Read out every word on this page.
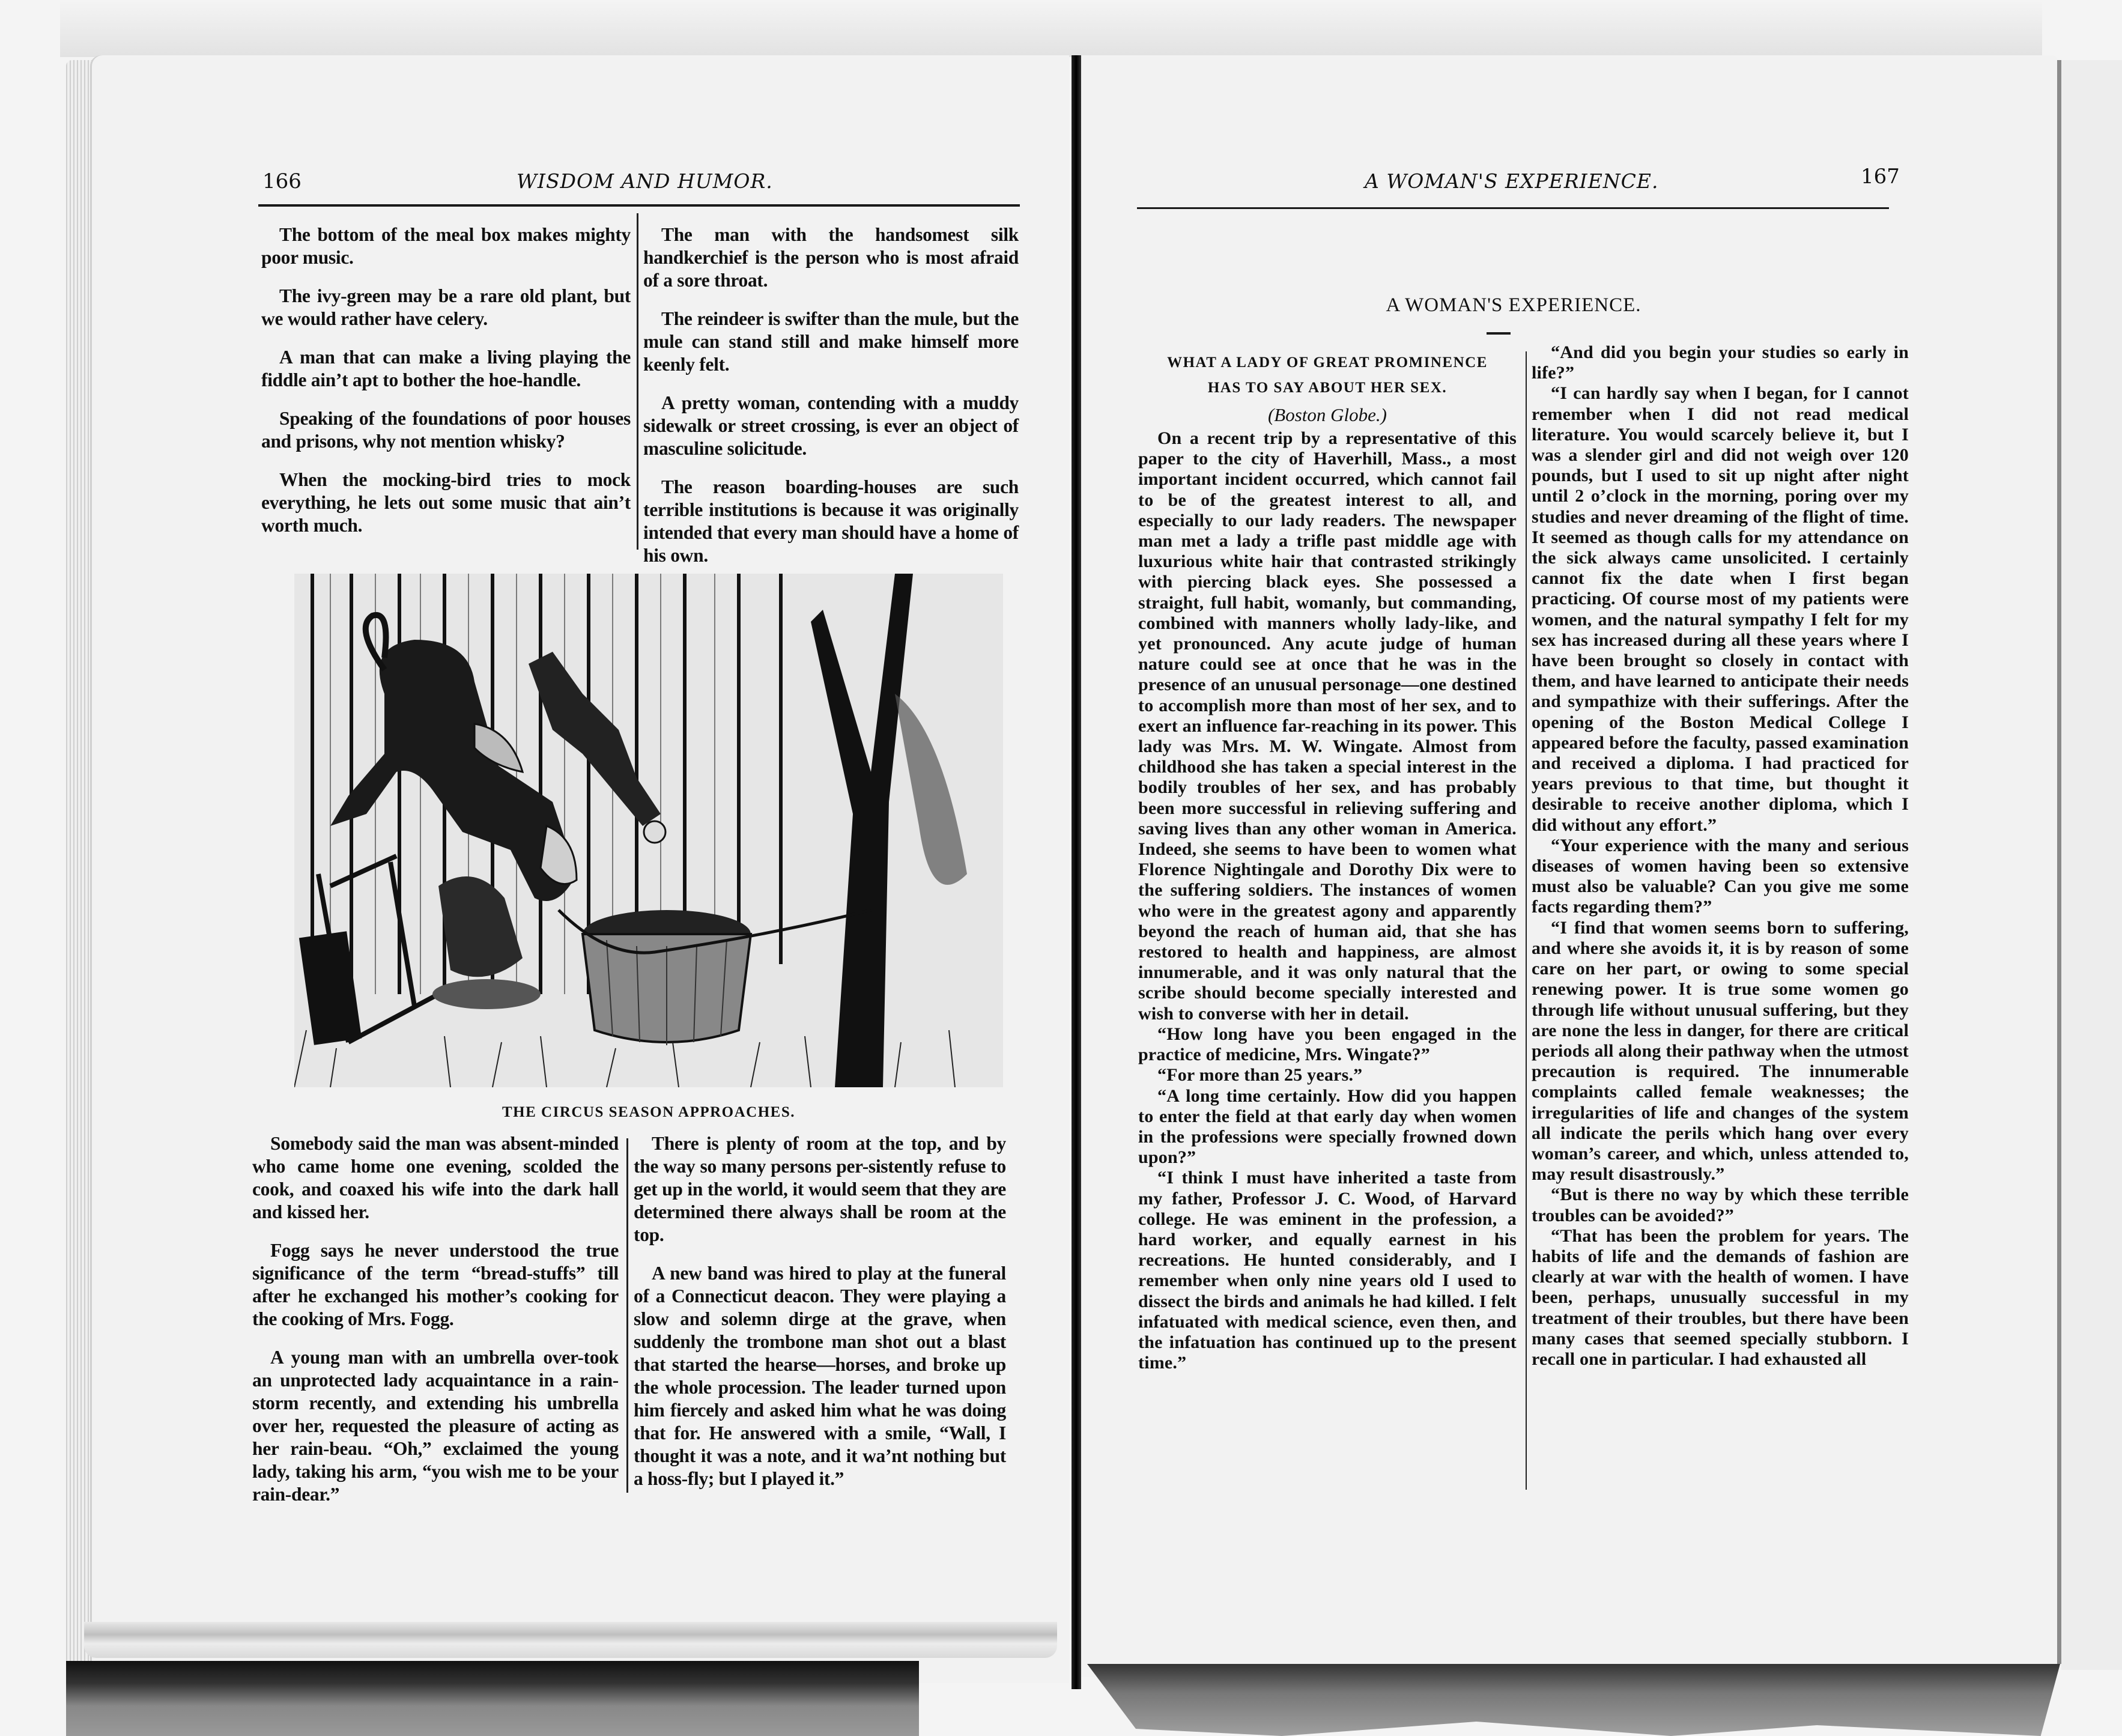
166	WISDOM AND HUMOR.

The bottom of the meal box makes mighty poor music.

The ivy-green may be a rare old plant, but we would rather have celery.

A man that can make a living playing the fiddle ain’t apt to bother the hoe-handle.

Speaking of the foundations of poor houses and prisons, why not mention whisky?

When the mocking-bird tries to mock everything, he lets out some music that ain’t worth much.

The man with the handsomest silk handkerchief is the person who is most afraid of a sore throat.

The reindeer is swifter than the mule, but the mule can stand still and make himself more keenly felt.

A pretty woman, contending with a muddy sidewalk or street crossing, is ever an object of masculine solicitude.

The reason boarding-houses are such terrible institutions is because it was originally intended that every man should have a home of his own.

THE CIRCUS SEASON APPROACHES.

Somebody said the man was absent-minded who came home one evening, scolded the cook, and coaxed his wife into the dark hall and kissed her.

Fogg says he never understood the true significance of the term “bread-stuffs” till after he exchanged his mother’s cooking for the cooking of Mrs. Fogg.

A young man with an umbrella over-took an unprotected lady acquaintance in a rain-storm recently, and extending his umbrella over her, requested the pleasure of acting as her rain-beau. “Oh,” exclaimed the young lady, taking his arm, “you wish me to be your rain-dear.”

There is plenty of room at the top, and by the way so many persons per-sistently refuse to get up in the world, it would seem that they are determined there always shall be room at the top.

A new band was hired to play at the funeral of a Connecticut deacon. They were playing a slow and solemn dirge at the grave, when suddenly the trombone man shot out a blast that started the hearse—horses, and broke up the whole procession. The leader turned upon him fiercely and asked him what he was doing that for. He answered with a smile, “Wall, I thought it was a note, and it wa’nt nothing but a hoss-fly; but I played it.”

A WOMAN'S EXPERIENCE.	167
A WOMAN'S EXPERIENCE.
WHAT A LADY OF GREAT PROMINENCE
HAS TO SAY ABOUT HER SEX.
(Boston Globe.)

On a recent trip by a representative of this paper to the city of Haverhill, Mass., a most important incident occurred, which cannot fail to be of the greatest interest to all, and especially to our lady readers. The newspaper man met a lady a trifle past middle age with luxurious white hair that contrasted strikingly with piercing black eyes. She possessed a straight, full habit, womanly, but commanding, combined with manners wholly lady-like, and yet pronounced. Any acute judge of human nature could see at once that he was in the presence of an unusual personage—one destined to accomplish more than most of her sex, and to exert an influence far-reaching in its power. This lady was Mrs. M. W. Wingate. Almost from childhood she has taken a special interest in the bodily troubles of her sex, and has probably been more successful in relieving suffering and saving lives than any other woman in America. Indeed, she seems to have been to women what Florence Nightingale and Dorothy Dix were to the suffering soldiers. The instances of women who were in the greatest agony and apparently beyond the reach of human aid, that she has restored to health and happiness, are almost innumerable, and it was only natural that the scribe should become specially interested and wish to converse with her in detail.

“How long have you been engaged in the practice of medicine, Mrs. Wingate?”

“For more than 25 years.”

“A long time certainly. How did you happen to enter the field at that early day when women in the professions were specially frowned down upon?”

“I think I must have inherited a taste from my father, Professor J. C. Wood, of Harvard college. He was eminent in the profession, a hard worker, and equally earnest in his recreations. He hunted considerably, and I remember when only nine years old I used to dissect the birds and animals he had killed. I felt infatuated with medical science, even then, and the infatuation has continued up to the present time.”

“And did you begin your studies so early in life?”

“I can hardly say when I began, for I cannot remember when I did not read medical literature. You would scarcely believe it, but I was a slender girl and did not weigh over 120 pounds, but I used to sit up night after night until 2 o’clock in the morning, poring over my studies and never dreaming of the flight of time. It seemed as though calls for my attendance on the sick always came unsolicited. I certainly cannot fix the date when I first began practicing. Of course most of my patients were women, and the natural sympathy I felt for my sex has increased during all these years where I have been brought so closely in contact with them, and have learned to anticipate their needs and sympathize with their sufferings. After the opening of the Boston Medical College I appeared before the faculty, passed examination and received a diploma. I had practiced for years previous to that time, but thought it desirable to receive another diploma, which I did without any effort.”

“Your experience with the many and serious diseases of women having been so extensive must also be valuable? Can you give me some facts regarding them?”

“I find that women seems born to suffering, and where she avoids it, it is by reason of some care on her part, or owing to some special renewing power. It is true some women go through life without unusual suffering, but they are none the less in danger, for there are critical periods all along their pathway when the utmost precaution is required. The innumerable complaints called female weaknesses; the irregularities of life and changes of the system all indicate the perils which hang over every woman’s career, and which, unless attended to, may result disastrously.”

“But is there no way by which these terrible troubles can be avoided?”

“That has been the problem for years. The habits of life and the demands of fashion are clearly at war with the health of women. I have been, perhaps, unusually successful in my treatment of their troubles, but there have been many cases that seemed specially stubborn. I recall one in particular. I had exhausted all
